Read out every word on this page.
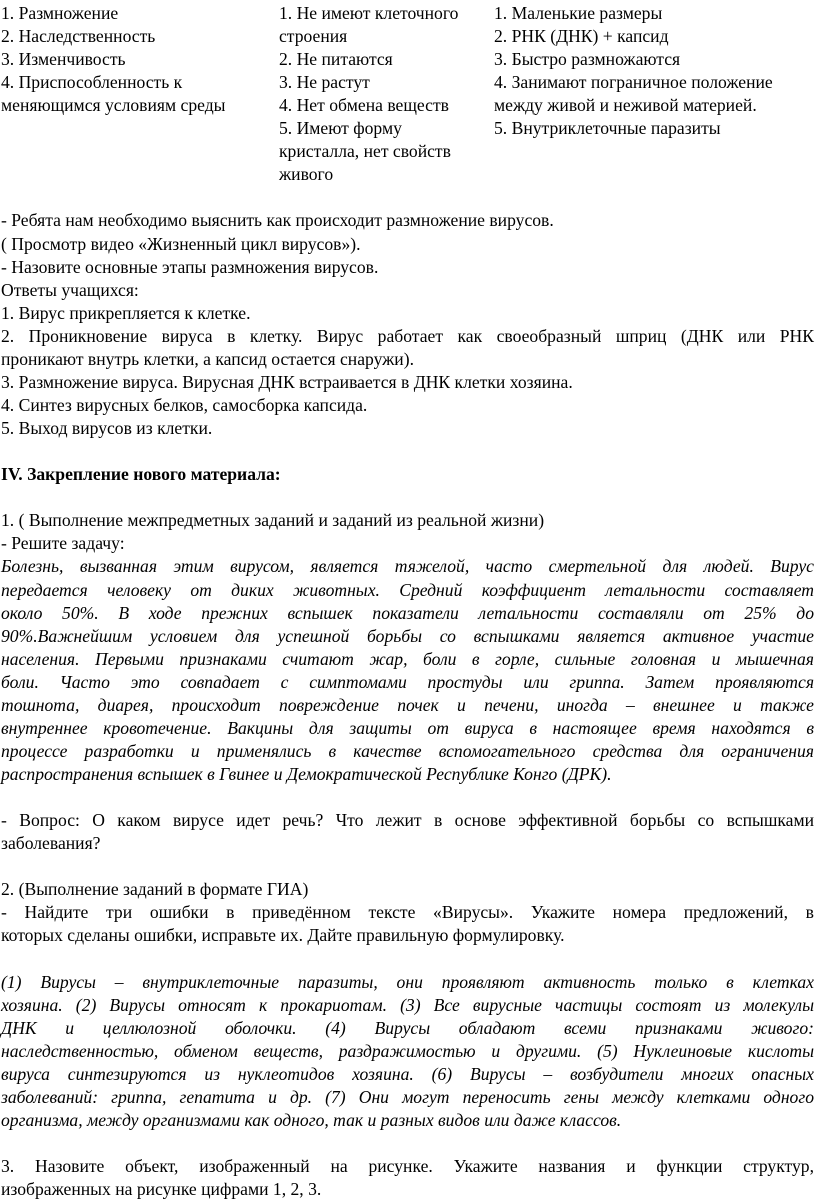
1. Размножение
2. Наследственность
3. Изменчивость
4. Приспособленность к
меняющимся условиям среды
1. Не имеют клеточного
строения
2. Не питаются
3. Не растут
4. Нет обмена веществ
5. Имеют форму
кристалла, нет свойств
живого
1. Маленькие размеры
2. РНК (ДНК) + капсид
3. Быстро размножаются
4. Занимают пограничное положение
между живой и неживой материей.
5. Внутриклеточные паразиты
- Ребята нам необходимо выяснить как происходит размножение вирусов.
( Просмотр видео «Жизненный цикл вирусов»).
- Назовите основные этапы размножения вирусов.
Ответы учащихся:
1. Вирус прикрепляется к клетке.
2. Проникновение вируса в клетку. Вирус работает как своеобразный шприц (ДНК или РНК
проникают внутрь клетки, а капсид остается снаружи).
3. Размножение вируса. Вирусная ДНК встраивается в ДНК клетки хозяина.
4. Синтез вирусных белков, самосборка капсида.
5. Выход вирусов из клетки.
IV. Закрепление нового материала:
1. ( Выполнение межпредметных заданий и заданий из реальной жизни)
- Решите задачу:
Болезнь, вызванная этим вирусом, является тяжелой, часто смертельной для людей. Вирус
передается человеку от диких животных. Средний коэффициент летальности составляет
около 50%. В ходе прежних вспышек показатели летальности составляли от 25% до
90%.Важнейшим условием для успешной борьбы со вспышками является активное участие
населения. Первыми признаками считают жар, боли в горле, сильные головная и мышечная
боли. Часто это совпадает с симптомами простуды или гриппа. Затем проявляются
тошнота, диарея, происходит повреждение почек и печени, иногда – внешнее и также
внутреннее кровотечение. Вакцины для защиты от вируса в настоящее время находятся в
процессе разработки и применялись в качестве вспомогательного средства для ограничения
распространения вспышек в Гвинее и Демократической Республике Конго (ДРК).
- Вопрос: О каком вирусе идет речь? Что лежит в основе эффективной борьбы со вспышками
заболевания?
2. (Выполнение заданий в формате ГИА)
- Найдите три ошибки в приведённом тексте «Вирусы». Укажите номера предложений, в
которых сделаны ошибки, исправьте их. Дайте правильную формулировку.
(1) Вирусы – внутриклеточные паразиты, они проявляют активность только в клетках
хозяина. (2) Вирусы относят к прокариотам. (3) Все вирусные частицы состоят из молекулы
ДНК и целлюлозной оболочки. (4) Вирусы обладают всеми признаками живого:
наследственностью, обменом веществ, раздражимостью и другими. (5) Нуклеиновые кислоты
вируса синтезируются из нуклеотидов хозяина. (6) Вирусы – возбудители многих опасных
заболеваний: гриппа, гепатита и др. (7) Они могут переносить гены между клетками одного
организма, между организмами как одного, так и разных видов или даже классов.
3. Назовите объект, изображенный на рисунке. Укажите названия и функции структур,
изображенных на рисунке цифрами 1, 2, 3.
